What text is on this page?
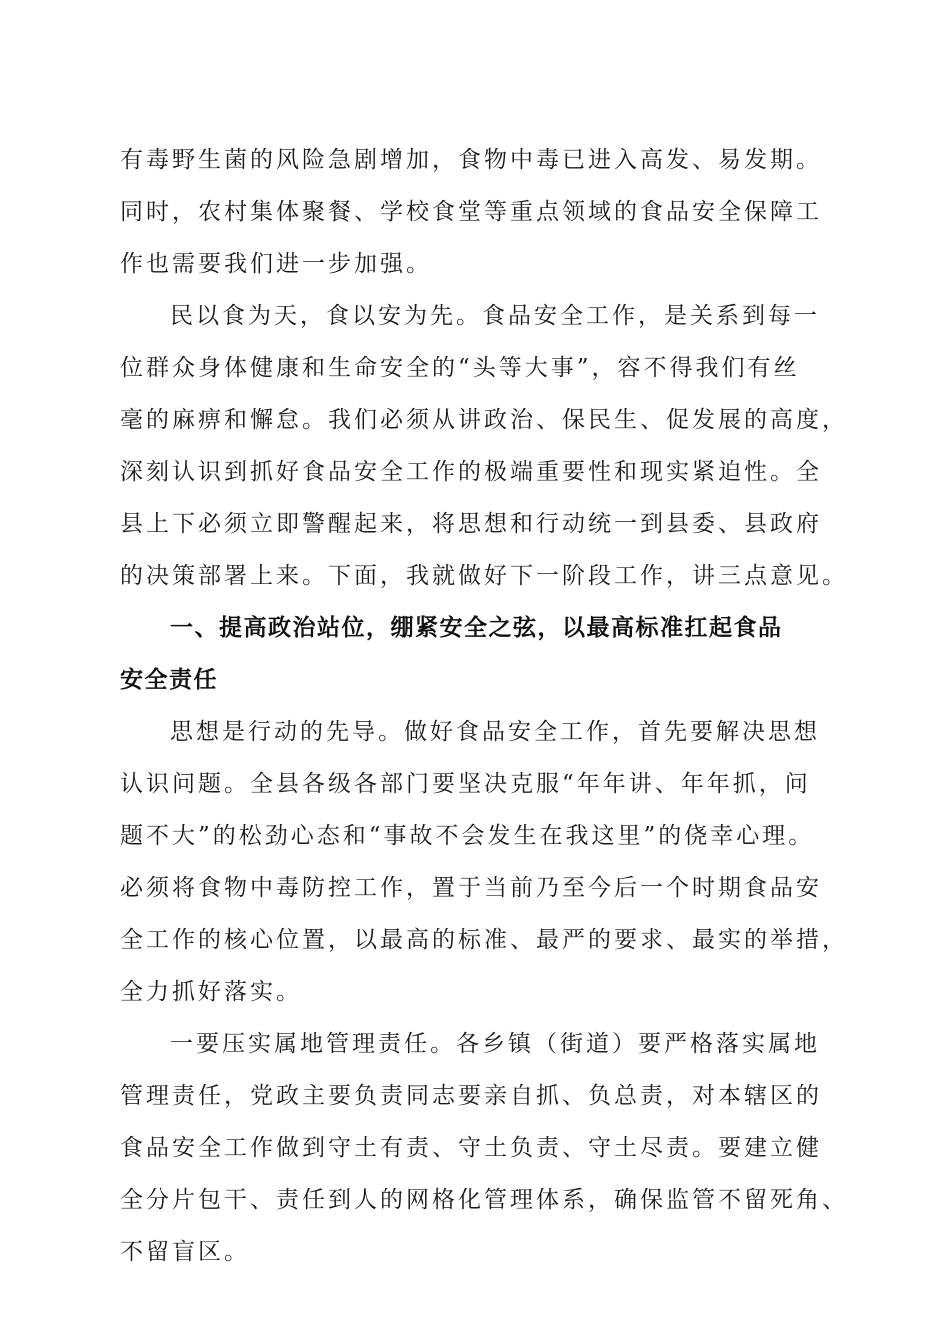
有毒野生菌的风险急剧增加，食物中毒已进入高发、易发期。
同时，农村集体聚餐、学校食堂等重点领域的食品安全保障工
作也需要我们进一步加强。
民以食为天，食以安为先。食品安全工作，是关系到每一
位群众身体健康和生命安全的“头等大事”，容不得我们有丝
毫的麻痹和懈怠。我们必须从讲政治、保民生、促发展的高度，
深刻认识到抓好食品安全工作的极端重要性和现实紧迫性。全
县上下必须立即警醒起来，将思想和行动统一到县委、县政府
的决策部署上来。下面，我就做好下一阶段工作，讲三点意见。
一、提高政治站位，绷紧安全之弦，以最高标准扛起食品
安全责任
思想是行动的先导。做好食品安全工作，首先要解决思想
认识问题。全县各级各部门要坚决克服“年年讲、年年抓，问
题不大”的松劲心态和“事故不会发生在我这里”的侥幸心理。
必须将食物中毒防控工作，置于当前乃至今后一个时期食品安
全工作的核心位置，以最高的标准、最严的要求、最实的举措，
全力抓好落实。
一要压实属地管理责任。各乡镇（街道）要严格落实属地
管理责任，党政主要负责同志要亲自抓、负总责，对本辖区的
食品安全工作做到守土有责、守土负责、守土尽责。要建立健
全分片包干、责任到人的网格化管理体系，确保监管不留死角、
不留盲区。
